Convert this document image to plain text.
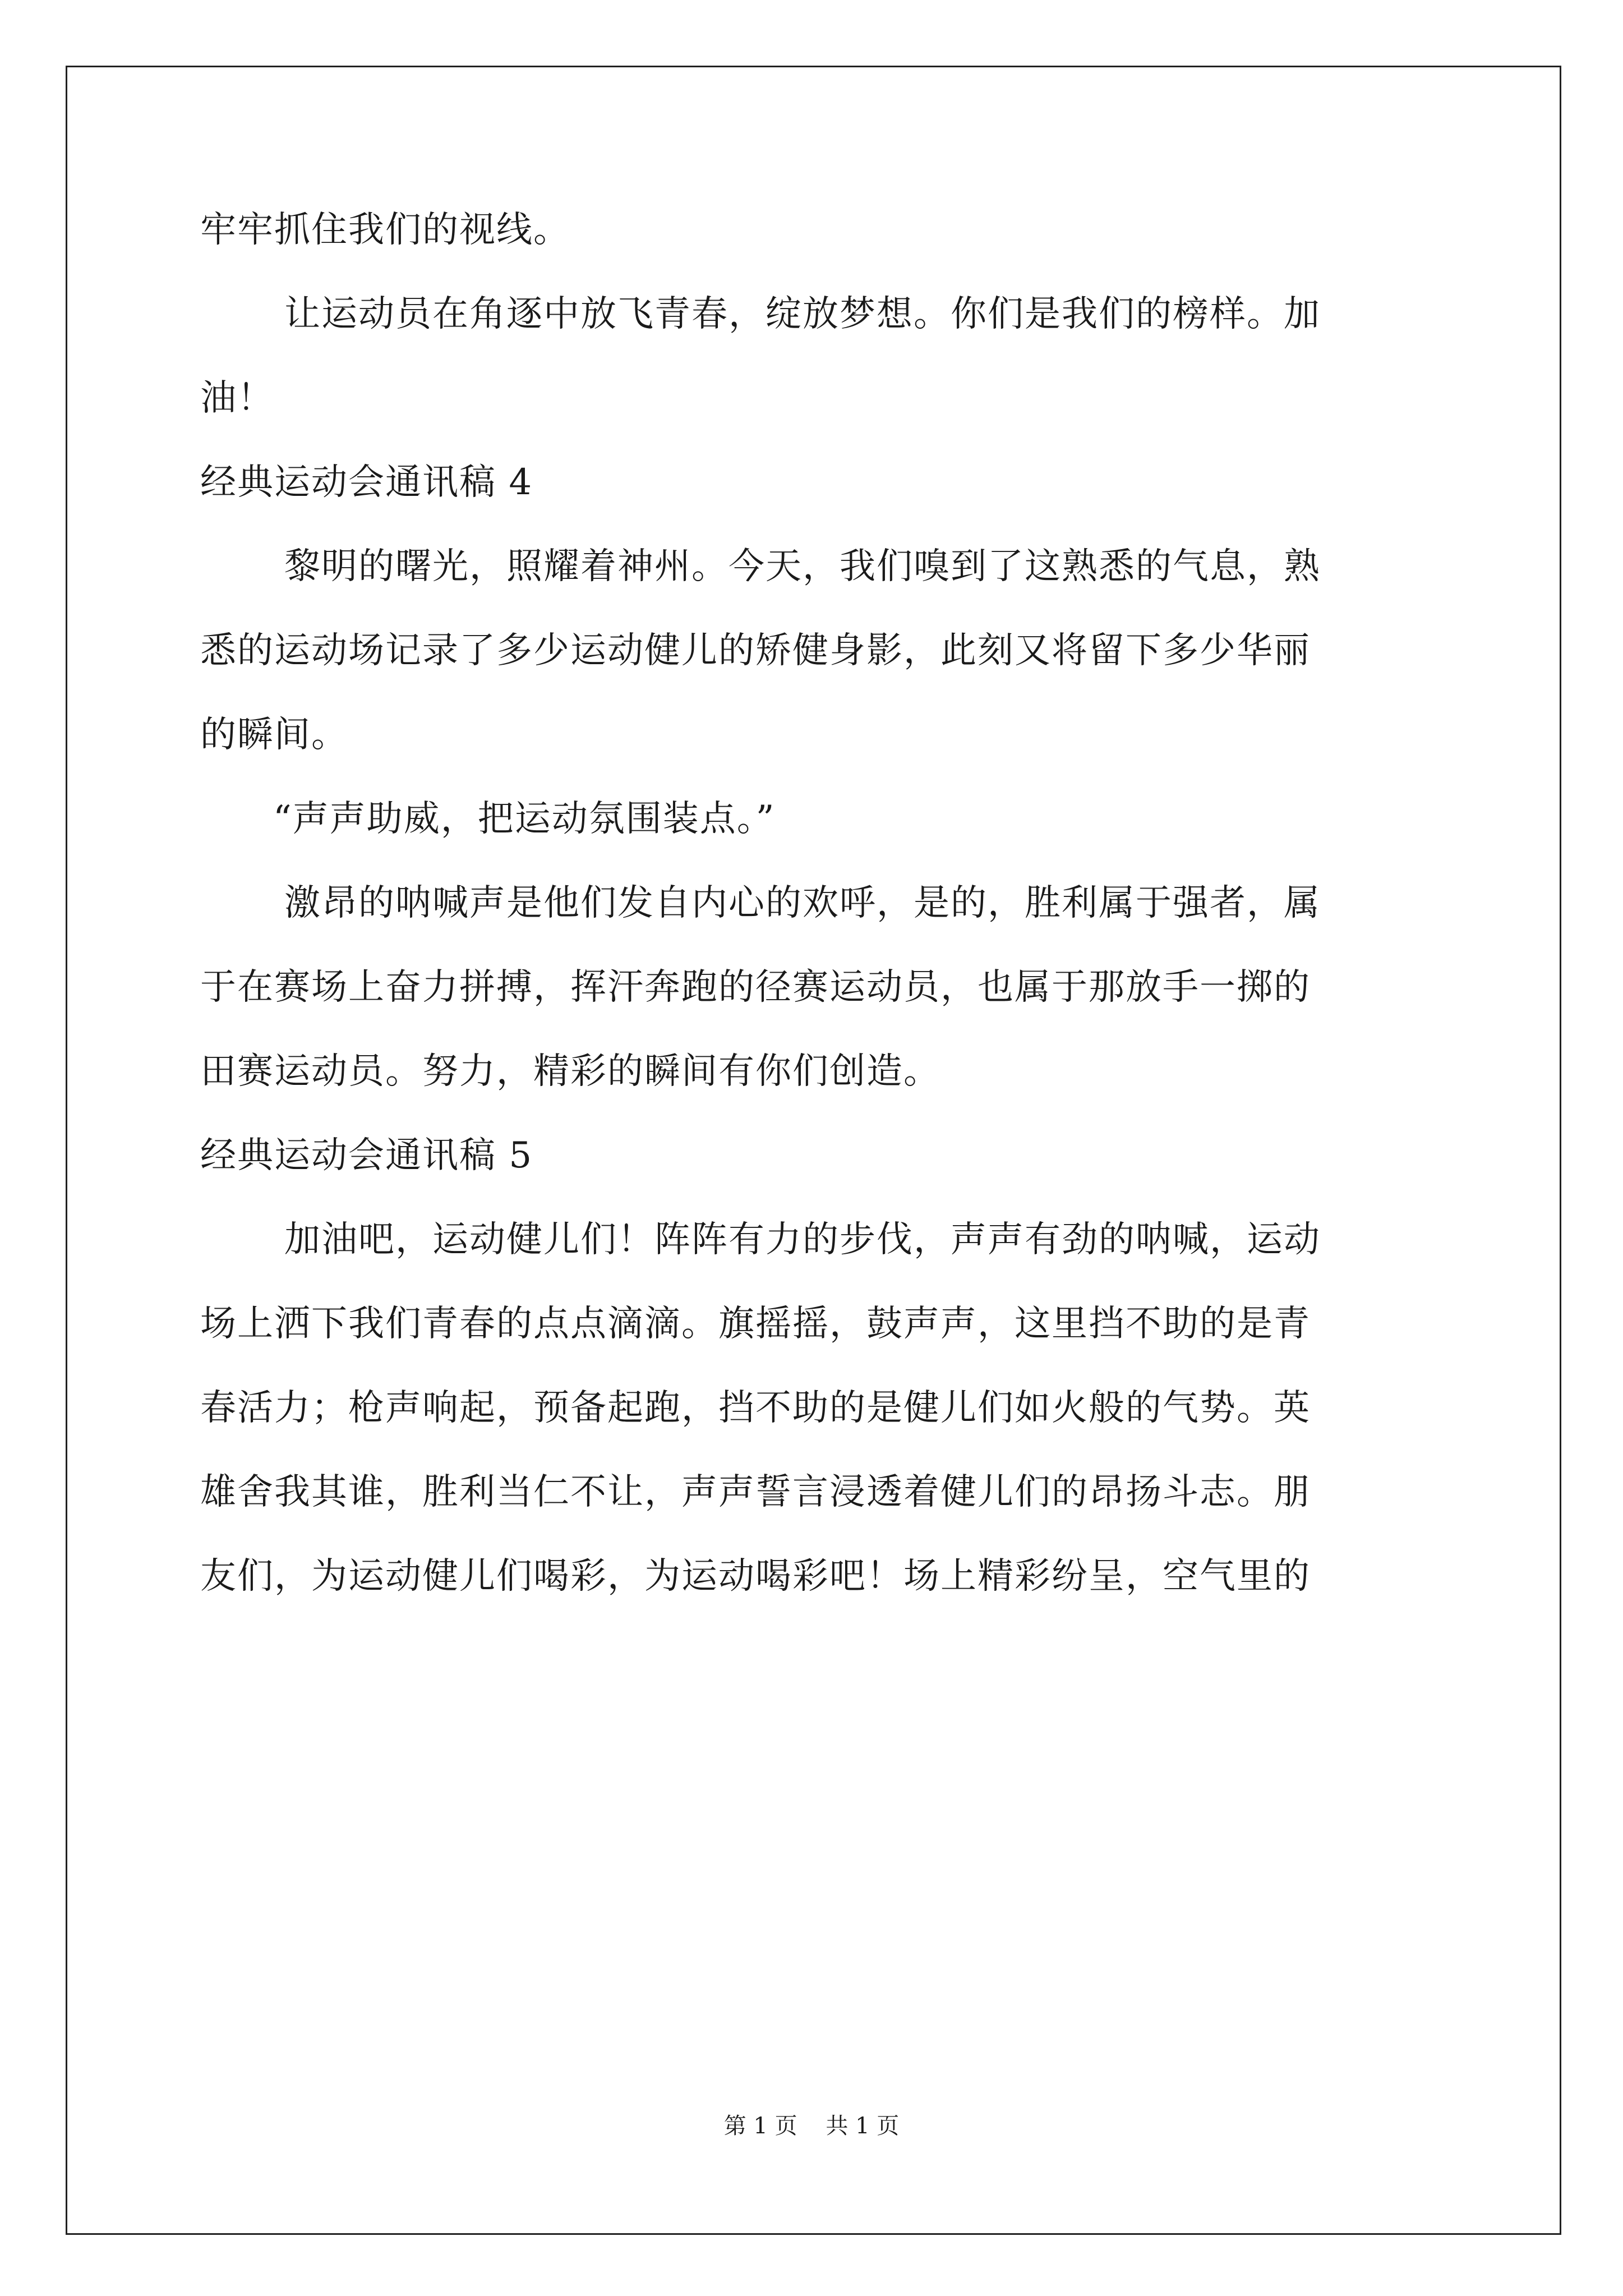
牢牢抓住我们的视线。
让运动员在角逐中放飞青春，绽放梦想。你们是我们的榜样。加
油！
经典运动会通讯稿 4
黎明的曙光，照耀着神州。今天，我们嗅到了这熟悉的气息，熟
悉的运动场记录了多少运动健儿的矫健身影，此刻又将留下多少华丽
的瞬间。
“声声助威，把运动氛围装点。”
激昂的呐喊声是他们发自内心的欢呼，是的，胜利属于强者，属
于在赛场上奋力拼搏，挥汗奔跑的径赛运动员，也属于那放手一掷的
田赛运动员。努力，精彩的瞬间有你们创造。
经典运动会通讯稿 5
加油吧，运动健儿们！阵阵有力的步伐，声声有劲的呐喊，运动
场上洒下我们青春的点点滴滴。旗摇摇，鼓声声，这里挡不助的是青
春活力；枪声响起，预备起跑，挡不助的是健儿们如火般的气势。英
雄舍我其谁，胜利当仁不让，声声誓言浸透着健儿们的昂扬斗志。朋
友们，为运动健儿们喝彩，为运动喝彩吧！场上精彩纷呈，空气里的
第 1 页    共 1 页
